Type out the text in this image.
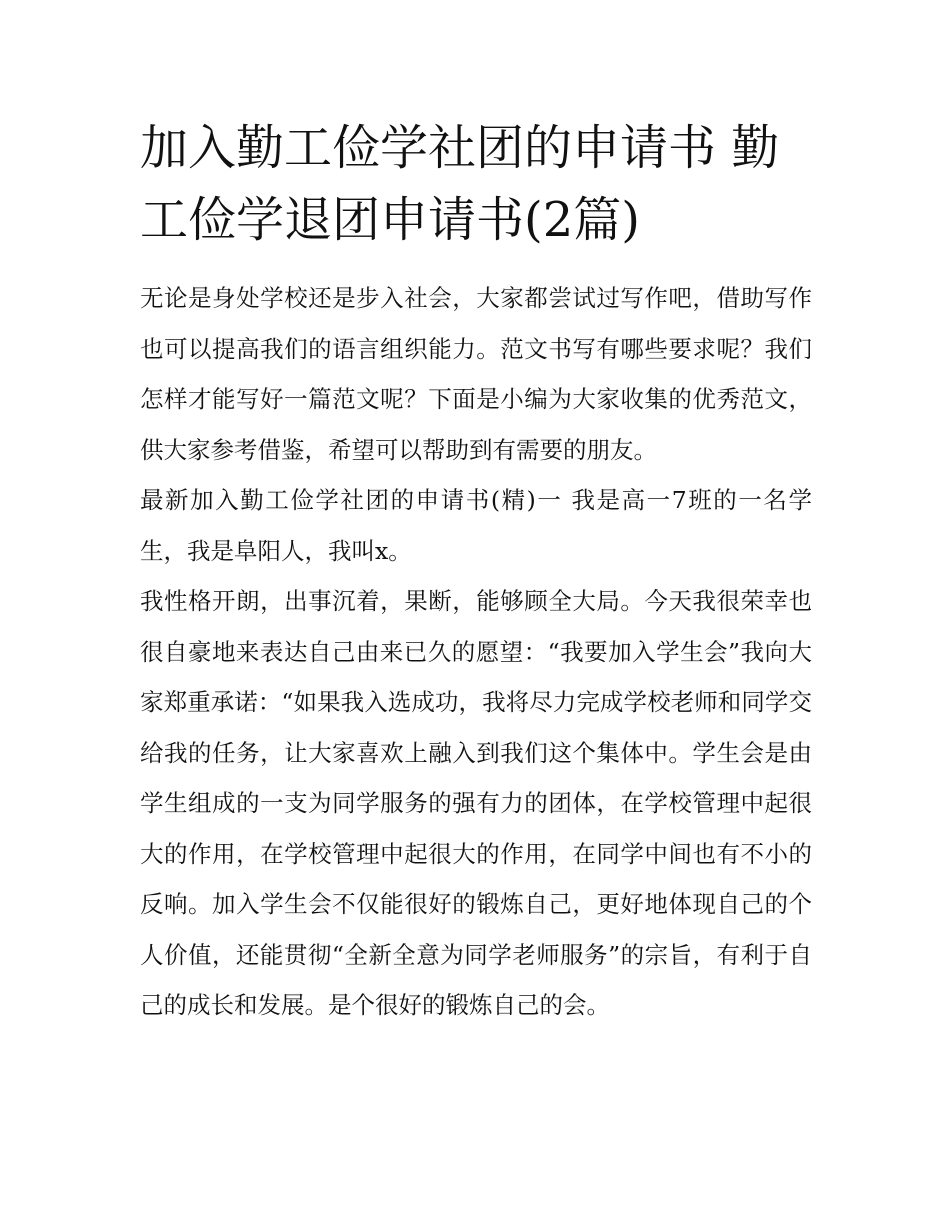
加入勤工俭学社团的申请书 勤工俭学退团申请书(2篇)

无论是身处学校还是步入社会，大家都尝试过写作吧，借助写作也可以提高我们的语言组织能力。范文书写有哪些要求呢？我们怎样才能写好一篇范文呢？下面是小编为大家收集的优秀范文，供大家参考借鉴，希望可以帮助到有需要的朋友。

最新加入勤工俭学社团的申请书(精)一 我是高一7班的一名学生，我是阜阳人，我叫x。

我性格开朗，出事沉着，果断，能够顾全大局。今天我很荣幸也很自豪地来表达自己由来已久的愿望：“我要加入学生会”我向大家郑重承诺：“如果我入选成功，我将尽力完成学校老师和同学交给我的任务，让大家喜欢上融入到我们这个集体中。学生会是由学生组成的一支为同学服务的强有力的团体，在学校管理中起很大的作用，在学校管理中起很大的作用，在同学中间也有不小的反响。加入学生会不仅能很好的锻炼自己，更好地体现自己的个人价值，还能贯彻“全新全意为同学老师服务”的宗旨，有利于自己的成长和发展。是个很好的锻炼自己的会。
